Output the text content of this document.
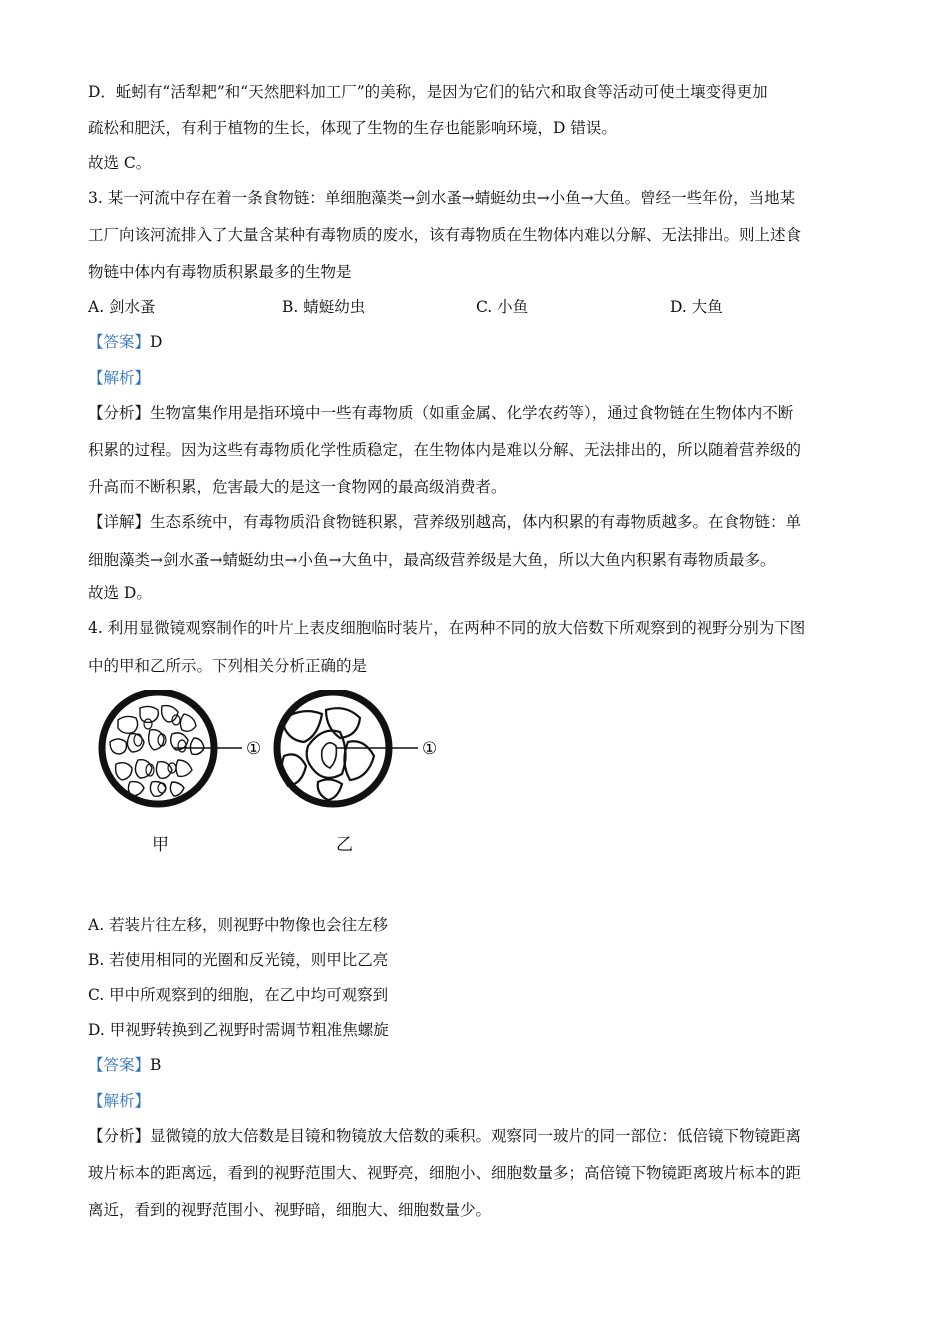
D．蚯蚓有“活犁耙”和“天然肥料加工厂”的美称，是因为它们的钻穴和取食等活动可使土壤变得更加
疏松和肥沃，有利于植物的生长，体现了生物的生存也能影响环境，D 错误。
故选 C。
3. 某一河流中存在着一条食物链：单细胞藻类→剑水蚤→蜻蜓幼虫→小鱼→大鱼。曾经一些年份，当地某
工厂向该河流排入了大量含某种有毒物质的废水，该有毒物质在生物体内难以分解、无法排出。则上述食
物链中体内有毒物质积累最多的生物是
A. 剑水蚤	B. 蜻蜓幼虫	C. 小鱼	D. 大鱼
【答案】D
【解析】
【分析】生物富集作用是指环境中一些有毒物质（如重金属、化学农药等），通过食物链在生物体内不断
积累的过程。因为这些有毒物质化学性质稳定，在生物体内是难以分解、无法排出的，所以随着营养级的
升高而不断积累，危害最大的是这一食物网的最高级消费者。
【详解】生态系统中，有毒物质沿食物链积累，营养级别越高，体内积累的有毒物质越多。在食物链：单
细胞藻类→剑水蚤→蜻蜓幼虫→小鱼→大鱼中，最高级营养级是大鱼，所以大鱼内积累有毒物质最多。
故选 D。
4. 利用显微镜观察制作的叶片上表皮细胞临时装片，在两种不同的放大倍数下所观察到的视野分别为下图
中的甲和乙所示。下列相关分析正确的是
A. 若装片往左移，则视野中物像也会往左移
B. 若使用相同的光圈和反光镜，则甲比乙亮
C. 甲中所观察到的细胞，在乙中均可观察到
D. 甲视野转换到乙视野时需调节粗准焦螺旋
【答案】B
【解析】
【分析】显微镜的放大倍数是目镜和物镜放大倍数的乘积。观察同一玻片的同一部位：低倍镜下物镜距离
玻片标本的距离远，看到的视野范围大、视野亮，细胞小、细胞数量多；高倍镜下物镜距离玻片标本的距
离近，看到的视野范围小、视野暗，细胞大、细胞数量少。
①	①
甲	乙
